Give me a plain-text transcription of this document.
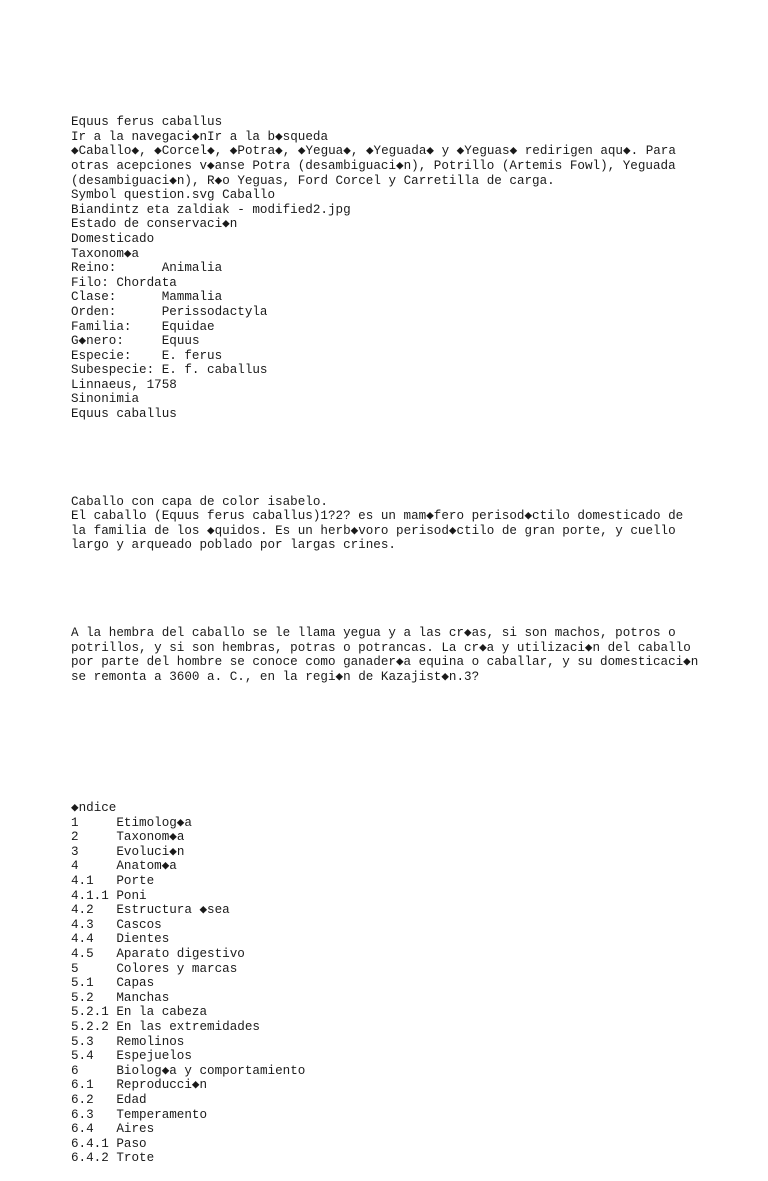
Equus ferus caballus
Ir a la navegaci◆nIr a la b◆squeda
◆Caballo◆, ◆Corcel◆, ◆Potra◆, ◆Yegua◆, ◆Yeguada◆ y ◆Yeguas◆ redirigen aqu◆. Para
otras acepciones v◆anse Potra (desambiguaci◆n), Potrillo (Artemis Fowl), Yeguada
(desambiguaci◆n), R◆o Yeguas, Ford Corcel y Carretilla de carga.
Symbol question.svg Caballo
Biandintz eta zaldiak - modified2.jpg
Estado de conservaci◆n
Domesticado
Taxonom◆a
Reino:      Animalia
Filo: Chordata
Clase:      Mammalia
Orden:      Perissodactyla
Familia:    Equidae
G◆nero:     Equus
Especie:    E. ferus
Subespecie: E. f. caballus
Linnaeus, 1758
Sinonimia
Equus caballus

Caballo con capa de color isabelo.
El caballo (Equus ferus caballus)1?2? es un mam◆fero perisod◆ctilo domesticado de
la familia de los ◆quidos. Es un herb◆voro perisod◆ctilo de gran porte, y cuello
largo y arqueado poblado por largas crines.

A la hembra del caballo se le llama yegua y a las cr◆as, si son machos, potros o
potrillos, y si son hembras, potras o potrancas. La cr◆a y utilizaci◆n del caballo
por parte del hombre se conoce como ganader◆a equina o caballar, y su domesticaci◆n
se remonta a 3600 a. C., en la regi◆n de Kazajist◆n.3?

◆ndice
1     Etimolog◆a
2     Taxonom◆a
3     Evoluci◆n
4     Anatom◆a
4.1   Porte
4.1.1 Poni
4.2   Estructura ◆sea
4.3   Cascos
4.4   Dientes
4.5   Aparato digestivo
5     Colores y marcas
5.1   Capas
5.2   Manchas
5.2.1 En la cabeza
5.2.2 En las extremidades
5.3   Remolinos
5.4   Espejuelos
6     Biolog◆a y comportamiento
6.1   Reproducci◆n
6.2   Edad
6.3   Temperamento
6.4   Aires
6.4.1 Paso
6.4.2 Trote
